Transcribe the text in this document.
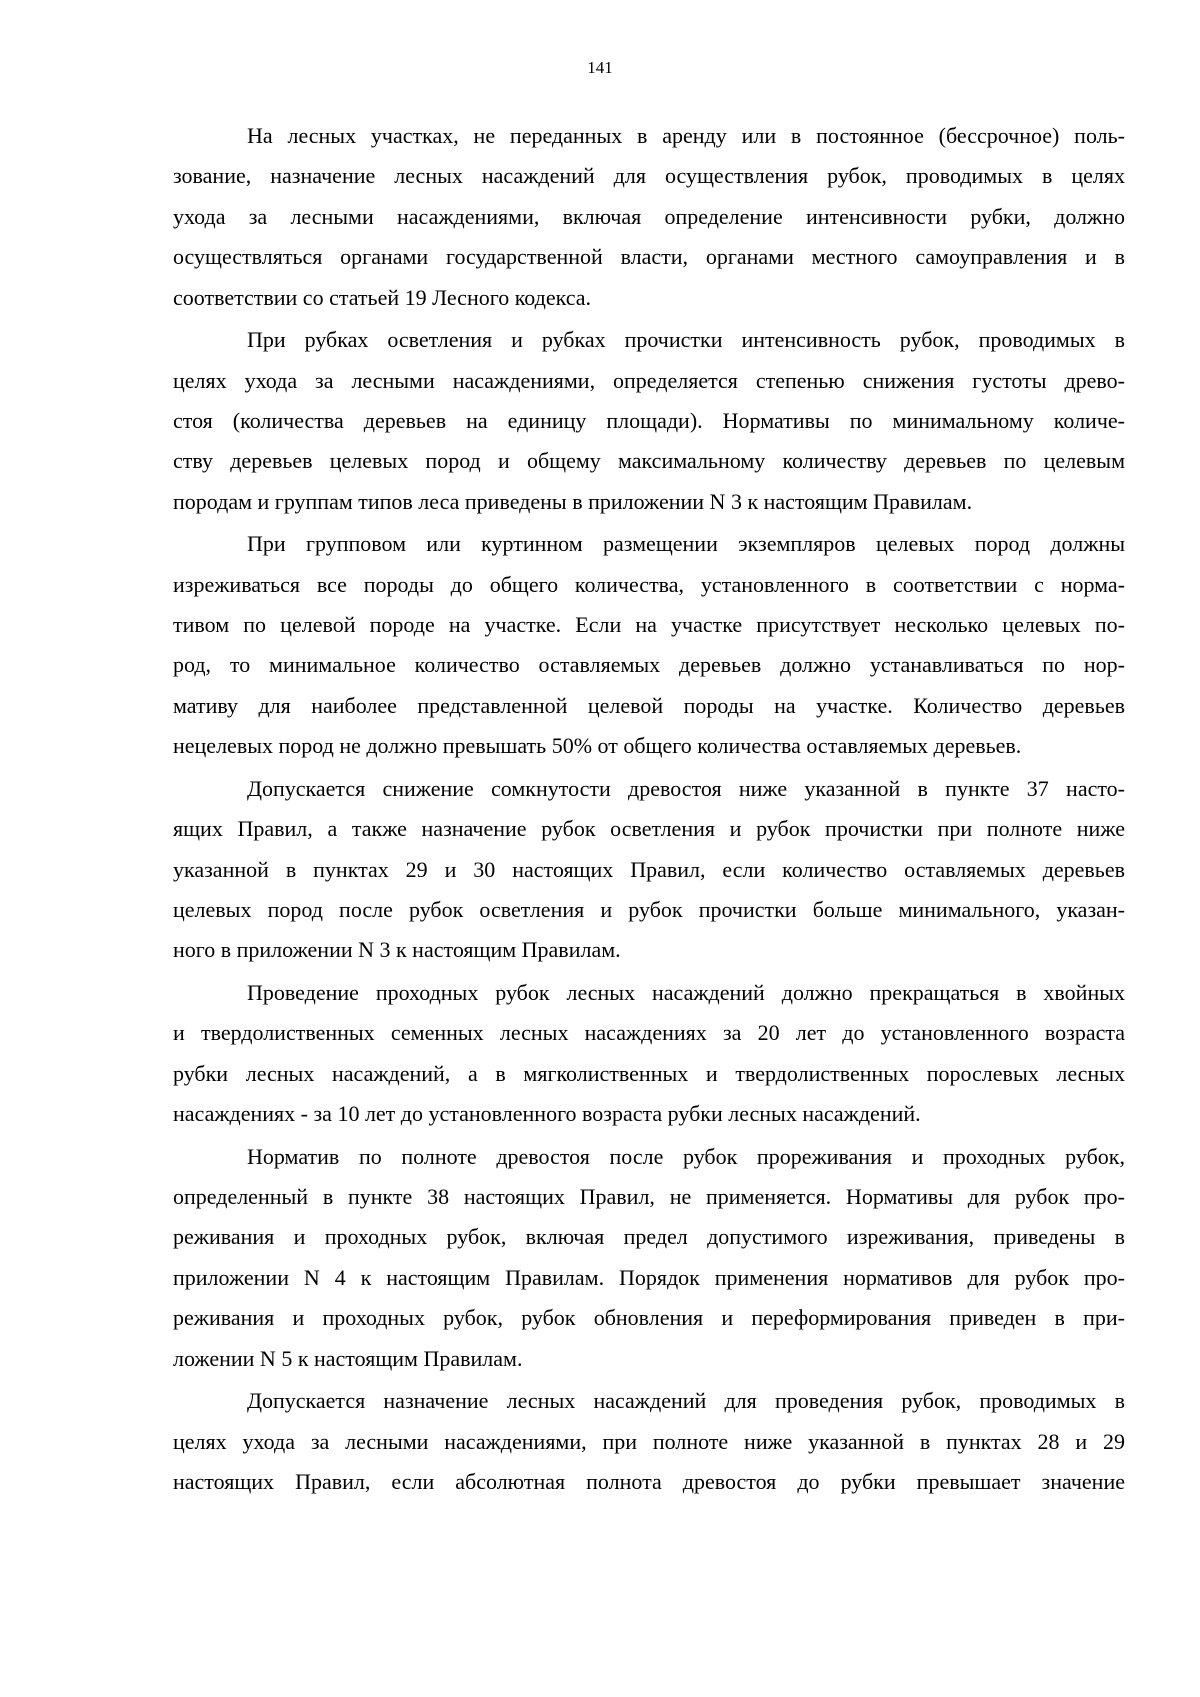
141
На лесных участках, не переданных в аренду или в постоянное (бессрочное) поль-
зование, назначение лесных насаждений для осуществления рубок, проводимых в целях
ухода за лесными насаждениями, включая определение интенсивности рубки, должно
осуществляться органами государственной власти, органами местного самоуправления и в
соответствии со статьей 19 Лесного кодекса.
При рубках осветления и рубках прочистки интенсивность рубок, проводимых в
целях ухода за лесными насаждениями, определяется степенью снижения густоты древо-
стоя (количества деревьев на единицу площади). Нормативы по минимальному количе-
ству деревьев целевых пород и общему максимальному количеству деревьев по целевым
породам и группам типов леса приведены в приложении N 3 к настоящим Правилам.
При групповом или куртинном размещении экземпляров целевых пород должны
изреживаться все породы до общего количества, установленного в соответствии с норма-
тивом по целевой породе на участке. Если на участке присутствует несколько целевых по-
род, то минимальное количество оставляемых деревьев должно устанавливаться по нор-
мативу для наиболее представленной целевой породы на участке. Количество деревьев
нецелевых пород не должно превышать 50% от общего количества оставляемых деревьев.
Допускается снижение сомкнутости древостоя ниже указанной в пункте 37 насто-
ящих Правил, а также назначение рубок осветления и рубок прочистки при полноте ниже
указанной в пунктах 29 и 30 настоящих Правил, если количество оставляемых деревьев
целевых пород после рубок осветления и рубок прочистки больше минимального, указан-
ного в приложении N 3 к настоящим Правилам.
Проведение проходных рубок лесных насаждений должно прекращаться в хвойных
и твердолиственных семенных лесных насаждениях за 20 лет до установленного возраста
рубки лесных насаждений, а в мягколиственных и твердолиственных порослевых лесных
насаждениях - за 10 лет до установленного возраста рубки лесных насаждений.
Норматив по полноте древостоя после рубок прореживания и проходных рубок,
определенный в пункте 38 настоящих Правил, не применяется. Нормативы для рубок про-
реживания и проходных рубок, включая предел допустимого изреживания, приведены в
приложении N 4 к настоящим Правилам. Порядок применения нормативов для рубок про-
реживания и проходных рубок, рубок обновления и переформирования приведен в при-
ложении N 5 к настоящим Правилам.
Допускается назначение лесных насаждений для проведения рубок, проводимых в
целях ухода за лесными насаждениями, при полноте ниже указанной в пунктах 28 и 29
настоящих Правил, если абсолютная полнота древостоя до рубки превышает значение
